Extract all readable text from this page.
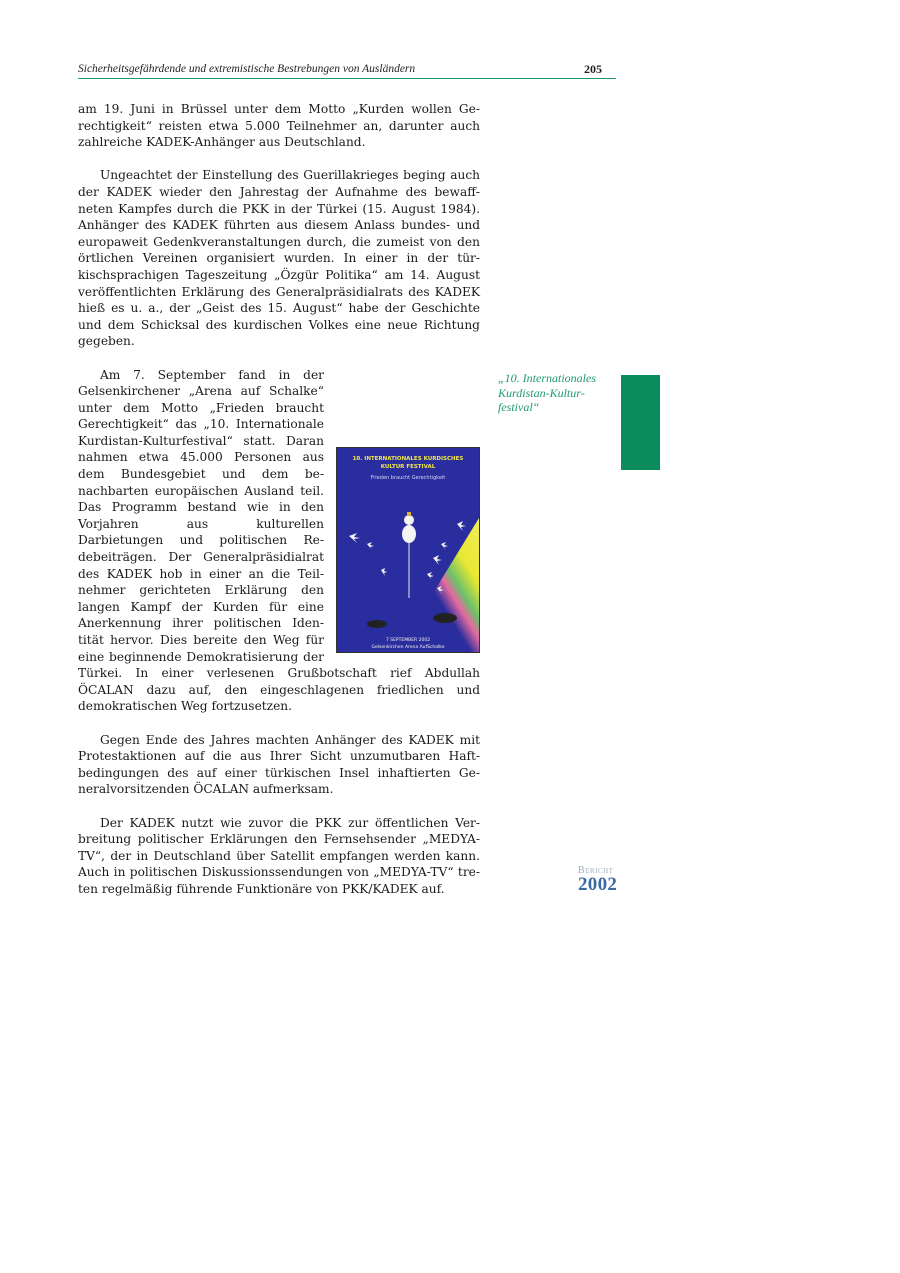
Sicherheitsgefährdende und extremistische Bestrebungen von Ausländern	205

am 19. Juni in Brüssel unter dem Motto „Kurden wollen Gerechtigkeit“ reisten etwa 5.000 Teilnehmer an, darunter auch zahlreiche KADEK-Anhänger aus Deutschland.

Ungeachtet der Einstellung des Guerillakrieges beging auch der KADEK wieder den Jahrestag der Aufnahme des bewaffneten Kampfes durch die PKK in der Türkei (15. August 1984). Anhänger des KADEK führten aus diesem Anlass bundes- und europaweit Gedenkveranstaltungen durch, die zumeist von den örtlichen Vereinen organisiert wurden. In einer in der türkischsprachigen Tageszeitung „Özgür Politika“ am 14. August veröffentlichten Erklärung des Generalpräsidialrats des KADEK hieß es u. a., der „Geist des 15. August“ habe der Geschichte und dem Schicksal des kurdischen Volkes eine neue Richtung gegeben.

10. INTERNATIONALES KURDISCHES
KULTUR FESTIVAL
Frieden braucht Gerechtigkeit
7 SEPTEMBER 2002
Gelsenkirchen Arena AufSchalke
Am 7. September fand in der Gelsenkirchener „Arena auf Schalke“ unter dem Motto „Frieden braucht Gerechtigkeit“ das „10. Internationale Kurdistan-Kulturfestival“ statt. Daran nahmen etwa 45.000 Personen aus dem Bundesgebiet und dem benachbarten europäischen Ausland teil. Das Programm bestand wie in den Vorjahren aus kulturellen Darbietungen und politischen Redebeiträgen. Der Generalpräsidialrat des KADEK hob in einer an die Teilnehmer gerichteten Erklärung den langen Kampf der Kurden für eine Anerkennung ihrer politischen Identität hervor. Dies bereite den Weg für eine beginnende Demokratisierung der Türkei. In einer verlesenen Grußbotschaft rief Abdullah ÖCALAN dazu auf, den eingeschlagenen friedlichen und demokratischen Weg fortzusetzen.

Gegen Ende des Jahres machten Anhänger des KADEK mit Protestaktionen auf die aus Ihrer Sicht unzumutbaren Haftbedingungen des auf einer türkischen Insel inhaftierten Generalvorsitzenden ÖCALAN aufmerksam.

Der KADEK nutzt wie zuvor die PKK zur öffentlichen Verbreitung politischer Erklärungen den Fernsehsender „MEDYA-TV“, der in Deutschland über Satellit empfangen werden kann. Auch in politischen Diskussionssendungen von „MEDYA-TV“ treten regelmäßig führende Funktionäre von PKK/KADEK auf.

„10. Internationales Kurdistan-Kulturfestival“
Bericht
2002
